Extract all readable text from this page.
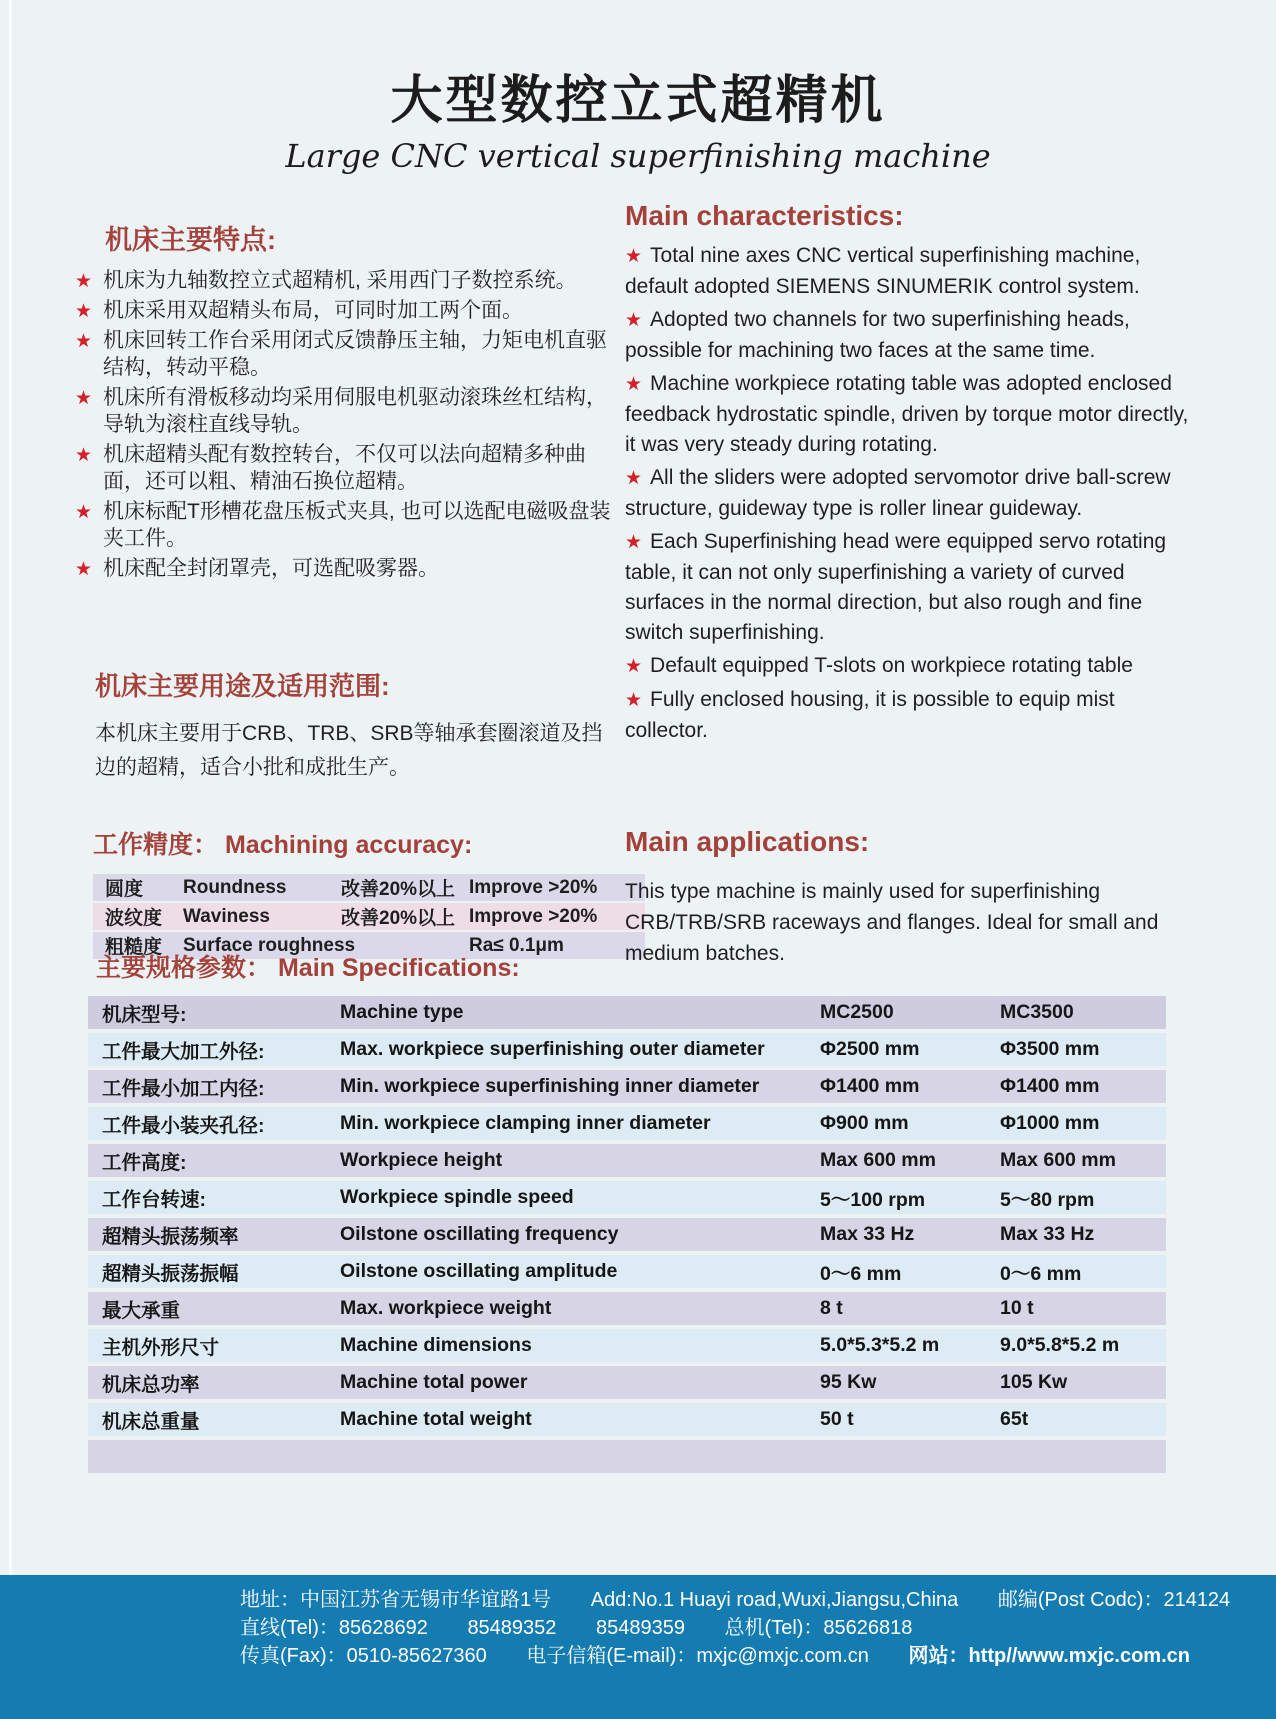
大型数控立式超精机
Large CNC vertical superfinishing machine
机床主要特点:
★ 机床为九轴数控立式超精机, 采用西门子数控系统。
★ 机床采用双超精头布局，可同时加工两个面。
★ 机床回转工作台采用闭式反馈静压主轴，力矩电机直驱结构，转动平稳。
★ 机床所有滑板移动均采用伺服电机驱动滚珠丝杠结构，导轨为滚柱直线导轨。
★ 机床超精头配有数控转台，不仅可以法向超精多种曲面，还可以粗、精油石换位超精。
★ 机床标配T形槽花盘压板式夹具, 也可以选配电磁吸盘装夹工件。
★ 机床配全封闭罩壳，可选配吸雾器。
机床主要用途及适用范围:

本机床主要用于CRB、TRB、SRB等轴承套圈滚道及挡边的超精，适合小批和成批生产。

工作精度： Machining accuracy:
圆度	Roundness	改善20%以上 Improve >20%
波纹度	Waviness	改善20%以上 Improve >20%
粗糙度	Surface roughness	Ra≤ 0.1μm
Main characteristics:
★ Total nine axes CNC vertical superfinishing machine, default adopted SIEMENS SINUMERIK control system.
★ Adopted two channels for two superfinishing heads, possible for machining two faces at the same time.
★ Machine workpiece rotating table was adopted enclosed feedback hydrostatic spindle, driven by torque motor directly, it was very steady during rotating.
★ All the sliders were adopted servomotor drive ball-screw structure, guideway type is roller linear guideway.
★ Each Superfinishing head were equipped servo rotating table, it can not only superfinishing a variety of curved surfaces in the normal direction, but also rough and fine switch superfinishing.
★ Default equipped T-slots on workpiece rotating table
★ Fully enclosed housing, it is possible to equip mist collector.
Main applications:

This type machine is mainly used for superfinishing CRB/TRB/SRB raceways and flanges. Ideal for small and medium batches.

主要规格参数： Main Specifications:
机床型号:	Machine type	MC2500	MC3500
工件最大加工外径:	Max. workpiece superfinishing outer diameter	Φ2500 mm	Φ3500 mm
工件最小加工内径:	Min. workpiece superfinishing inner diameter	Φ1400 mm	Φ1400 mm
工件最小装夹孔径:	Min. workpiece clamping inner diameter	Φ900 mm	Φ1000 mm
工件高度:	Workpiece height	Max 600 mm	Max 600 mm
工作台转速:	Workpiece spindle speed	5～100 rpm	5～80 rpm
超精头振荡频率	Oilstone oscillating frequency	Max 33 Hz	Max 33 Hz
超精头振荡振幅	Oilstone oscillating amplitude	0～6 mm	0～6 mm
最大承重	Max. workpiece weight	8 t	10 t
主机外形尺寸	Machine dimensions	5.0*5.3*5.2 m	9.0*5.8*5.2 m
机床总功率	Machine total power	95 Kw	105 Kw
机床总重量	Machine total weight	50 t	65t
地址：中国江苏省无锡市华谊路1号 Add:No.1 Huayi road,Wuxi,Jiangsu,China 邮编(Post Codc)：214124
直线(Tel)：85628692 85489352 85489359 总机(Tel)：85626818
传真(Fax)：0510-85627360 电子信箱(E-mail)：mxjc@mxjc.com.cn 网站：http//www.mxjc.com.cn
